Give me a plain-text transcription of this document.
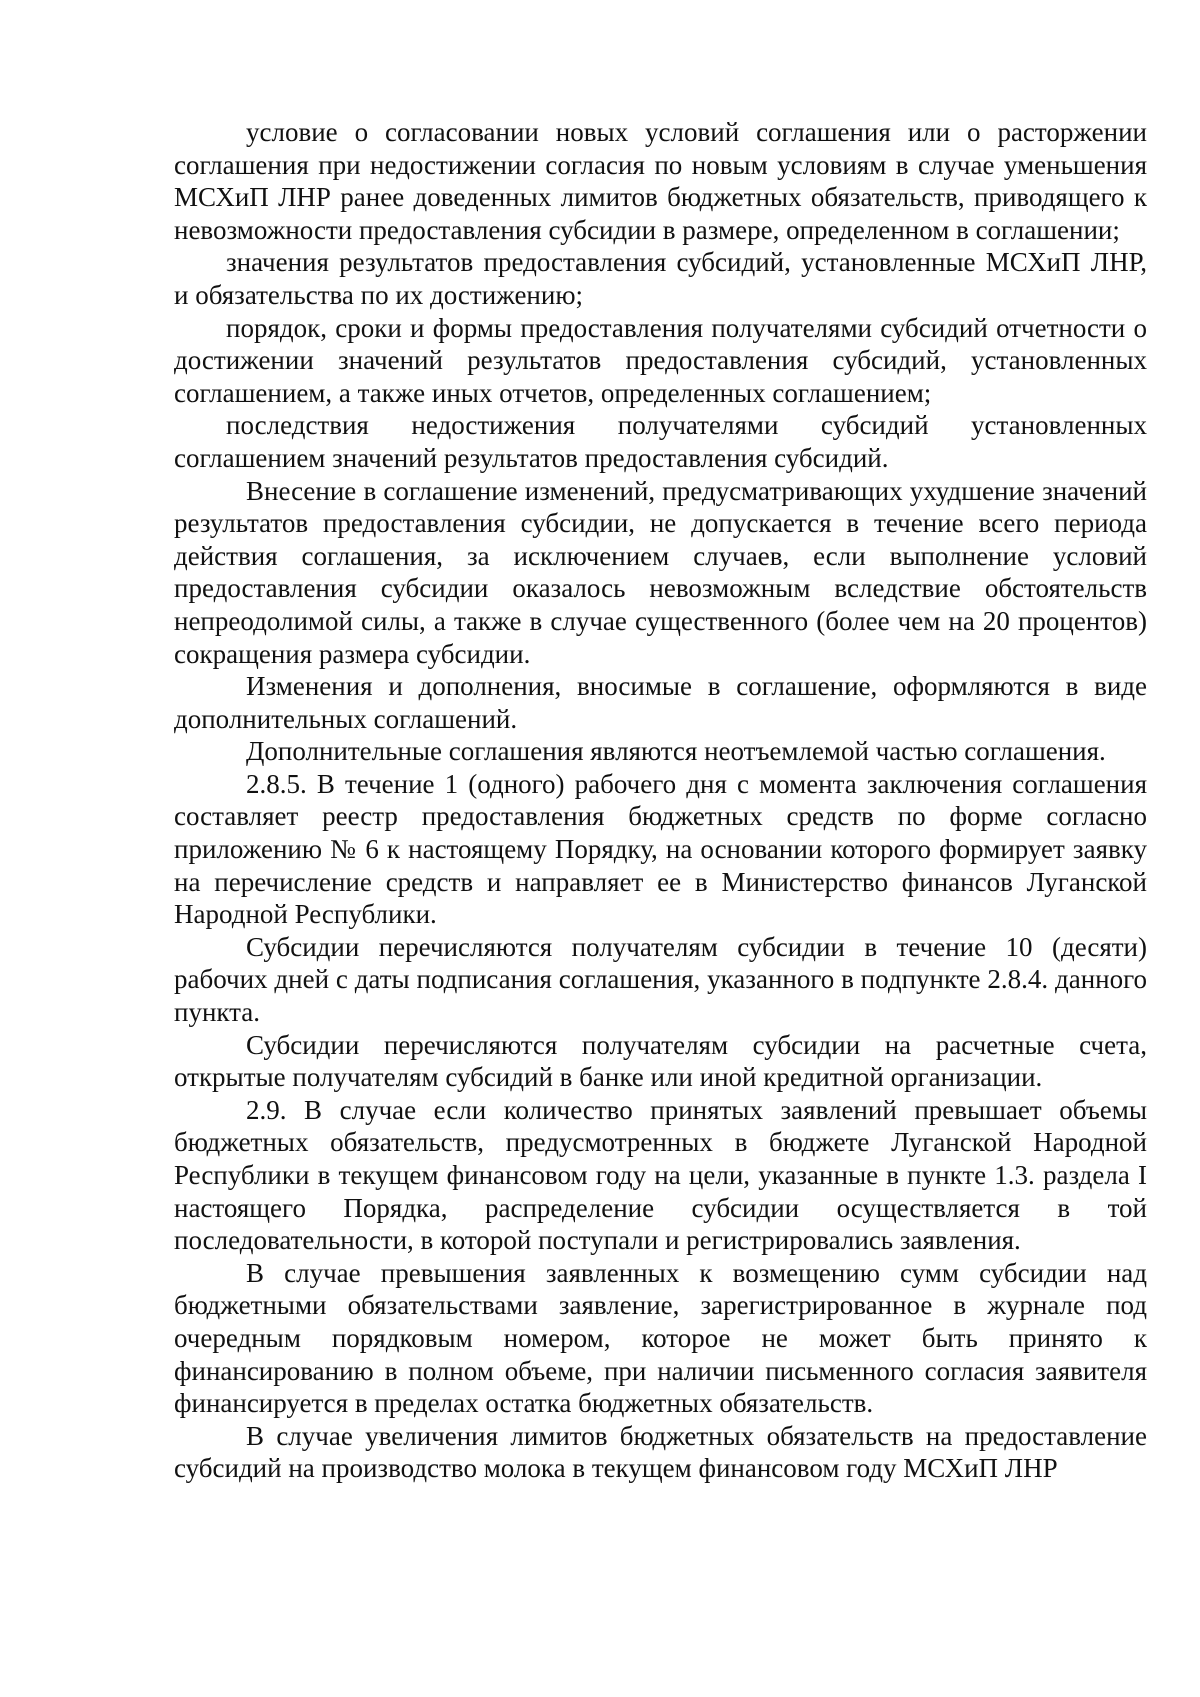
условие о согласовании новых условий соглашения или о расторжении соглашения при недостижении согласия по новым условиям в случае уменьшения МСХиП ЛНР ранее доведенных лимитов бюджетных обязательств, приводящего к невозможности предоставления субсидии в размере, определенном в соглашении;

значения результатов предоставления субсидий, установленные МСХиП ЛНР, и обязательства по их достижению;

порядок, сроки и формы предоставления получателями субсидий отчетности о достижении значений результатов предоставления субсидий, установленных соглашением, а также иных отчетов, определенных соглашением;

последствия недостижения получателями субсидий установленных соглашением значений результатов предоставления субсидий.

Внесение в соглашение изменений, предусматривающих ухудшение значений результатов предоставления субсидии, не допускается в течение всего периода действия соглашения, за исключением случаев, если выполнение условий предоставления субсидии оказалось невозможным вследствие обстоятельств непреодолимой силы, а также в случае существенного (более чем на 20 процентов) сокращения размера субсидии.

Изменения и дополнения, вносимые в соглашение, оформляются в виде дополнительных соглашений.

Дополнительные соглашения являются неотъемлемой частью соглашения.

2.8.5. В течение 1 (одного) рабочего дня с момента заключения соглашения составляет реестр предоставления бюджетных средств по форме согласно приложению № 6 к настоящему Порядку, на основании которого формирует заявку на перечисление средств и направляет ее в Министерство финансов Луганской Народной Республики.

Субсидии перечисляются получателям субсидии в течение 10 (десяти) рабочих дней с даты подписания соглашения, указанного в подпункте 2.8.4. данного пункта.

Субсидии перечисляются получателям субсидии на расчетные счета, открытые получателям субсидий в банке или иной кредитной организации.

2.9. В случае если количество принятых заявлений превышает объемы бюджетных обязательств, предусмотренных в бюджете Луганской Народной Республики в текущем финансовом году на цели, указанные в пункте 1.3. раздела I настоящего Порядка, распределение субсидии осуществляется в той последовательности, в которой поступали и регистрировались заявления.

В случае превышения заявленных к возмещению сумм субсидии над бюджетными обязательствами заявление, зарегистрированное в журнале под очередным порядковым номером, которое не может быть принято к финансированию в полном объеме, при наличии письменного согласия заявителя финансируется в пределах остатка бюджетных обязательств.

В случае увеличения лимитов бюджетных обязательств на предоставление субсидий на производство молока в текущем финансовом году МСХиП ЛНР
